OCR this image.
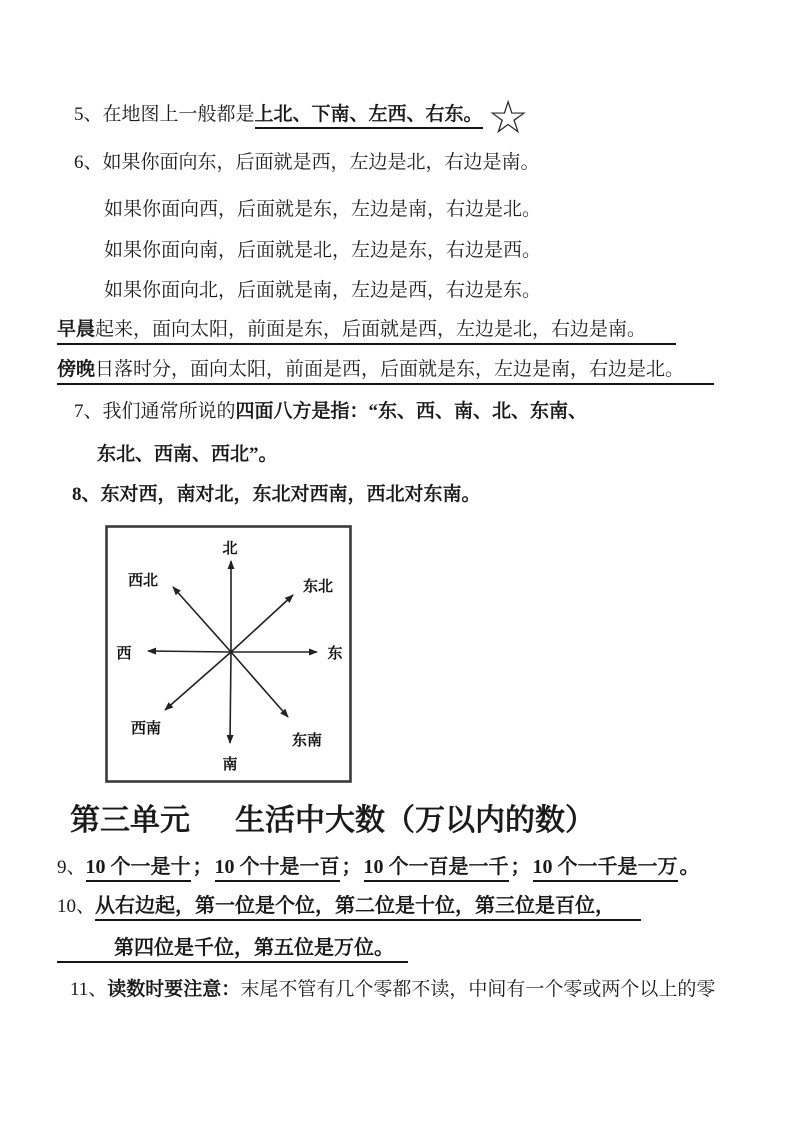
5、在地图上一般都是上北、下南、左西、右东。 ☆

6、如果你面向东，后面就是西，左边是北，右边是南。

如果你面向西，后面就是东，左边是南，右边是北。

如果你面向南，后面就是北，左边是东，右边是西。

如果你面向北，后面就是南，左边是西，右边是东。

早晨起来，面向太阳，前面是东，后面就是西，左边是北，右边是南。

傍晚日落时分，面向太阳，前面是西，后面就是东，左边是南，右边是北。

7、我们通常所说的四面八方是指：“东、西、南、北、东南、

东北、西南、西北”。

8、东对西，南对北，东北对西南，西北对东南。

北
南
西	东
西北	东北
西南
东南
第三单元 生活中大数（万以内的数）

9、10 个一是十 ； 10 个十是一百 ； 10 个一百是一千 ； 10 个一千是一万 。

10、从右边起，第一位是个位，第二位是十位，第三位是百位，

第四位是千位，第五位是万位。

11、读数时要注意：末尾不管有几个零都不读，中间有一个零或两个以上的零
